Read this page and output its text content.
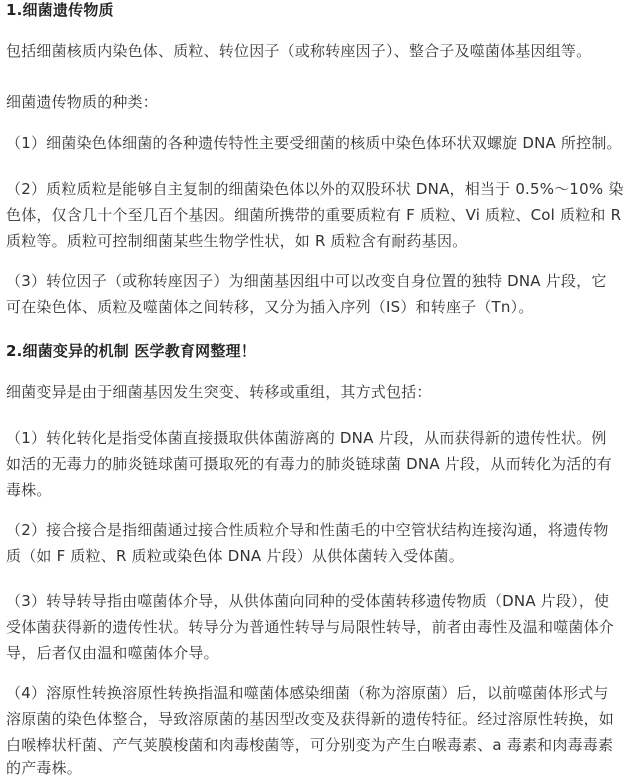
1.细菌遗传物质
包括细菌核质内染色体、质粒、转位因子（或称转座因子）、整合子及噬菌体基因组等。
细菌遗传物质的种类：
（1）细菌染色体细菌的各种遗传特性主要受细菌的核质中染色体环状双螺旋 DNA 所控制。
（2）质粒质粒是能够自主复制的细菌染色体以外的双股环状 DNA，相当于 0.5%～10% 染
色体，仅含几十个至几百个基因。细菌所携带的重要质粒有 F 质粒、Vi 质粒、Col 质粒和 R
质粒等。质粒可控制细菌某些生物学性状，如 R 质粒含有耐药基因。
（3）转位因子（或称转座因子）为细菌基因组中可以改变自身位置的独特 DNA 片段，它
可在染色体、质粒及噬菌体之间转移，又分为插入序列（IS）和转座子（Tn）。
2.细菌变异的机制 医学教育网整理！
细菌变异是由于细菌基因发生突变、转移或重组，其方式包括：
（1）转化转化是指受体菌直接摄取供体菌游离的 DNA 片段，从而获得新的遗传性状。例
如活的无毒力的肺炎链球菌可摄取死的有毒力的肺炎链球菌 DNA 片段，从而转化为活的有
毒株。
（2）接合接合是指细菌通过接合性质粒介导和性菌毛的中空管状结构连接沟通，将遗传物
质（如 F 质粒、R 质粒或染色体 DNA 片段）从供体菌转入受体菌。
（3）转导转导指由噬菌体介导，从供体菌向同种的受体菌转移遗传物质（DNA 片段），使
受体菌获得新的遗传性状。转导分为普通性转导与局限性转导，前者由毒性及温和噬菌体介
导，后者仅由温和噬菌体介导。
（4）溶原性转换溶原性转换指温和噬菌体感染细菌（称为溶原菌）后，以前噬菌体形式与
溶原菌的染色体整合，导致溶原菌的基因型改变及获得新的遗传特征。经过溶原性转换，如
白喉棒状杆菌、产气荚膜梭菌和肉毒梭菌等，可分别变为产生白喉毒素、a 毒素和肉毒毒素
的产毒株。
